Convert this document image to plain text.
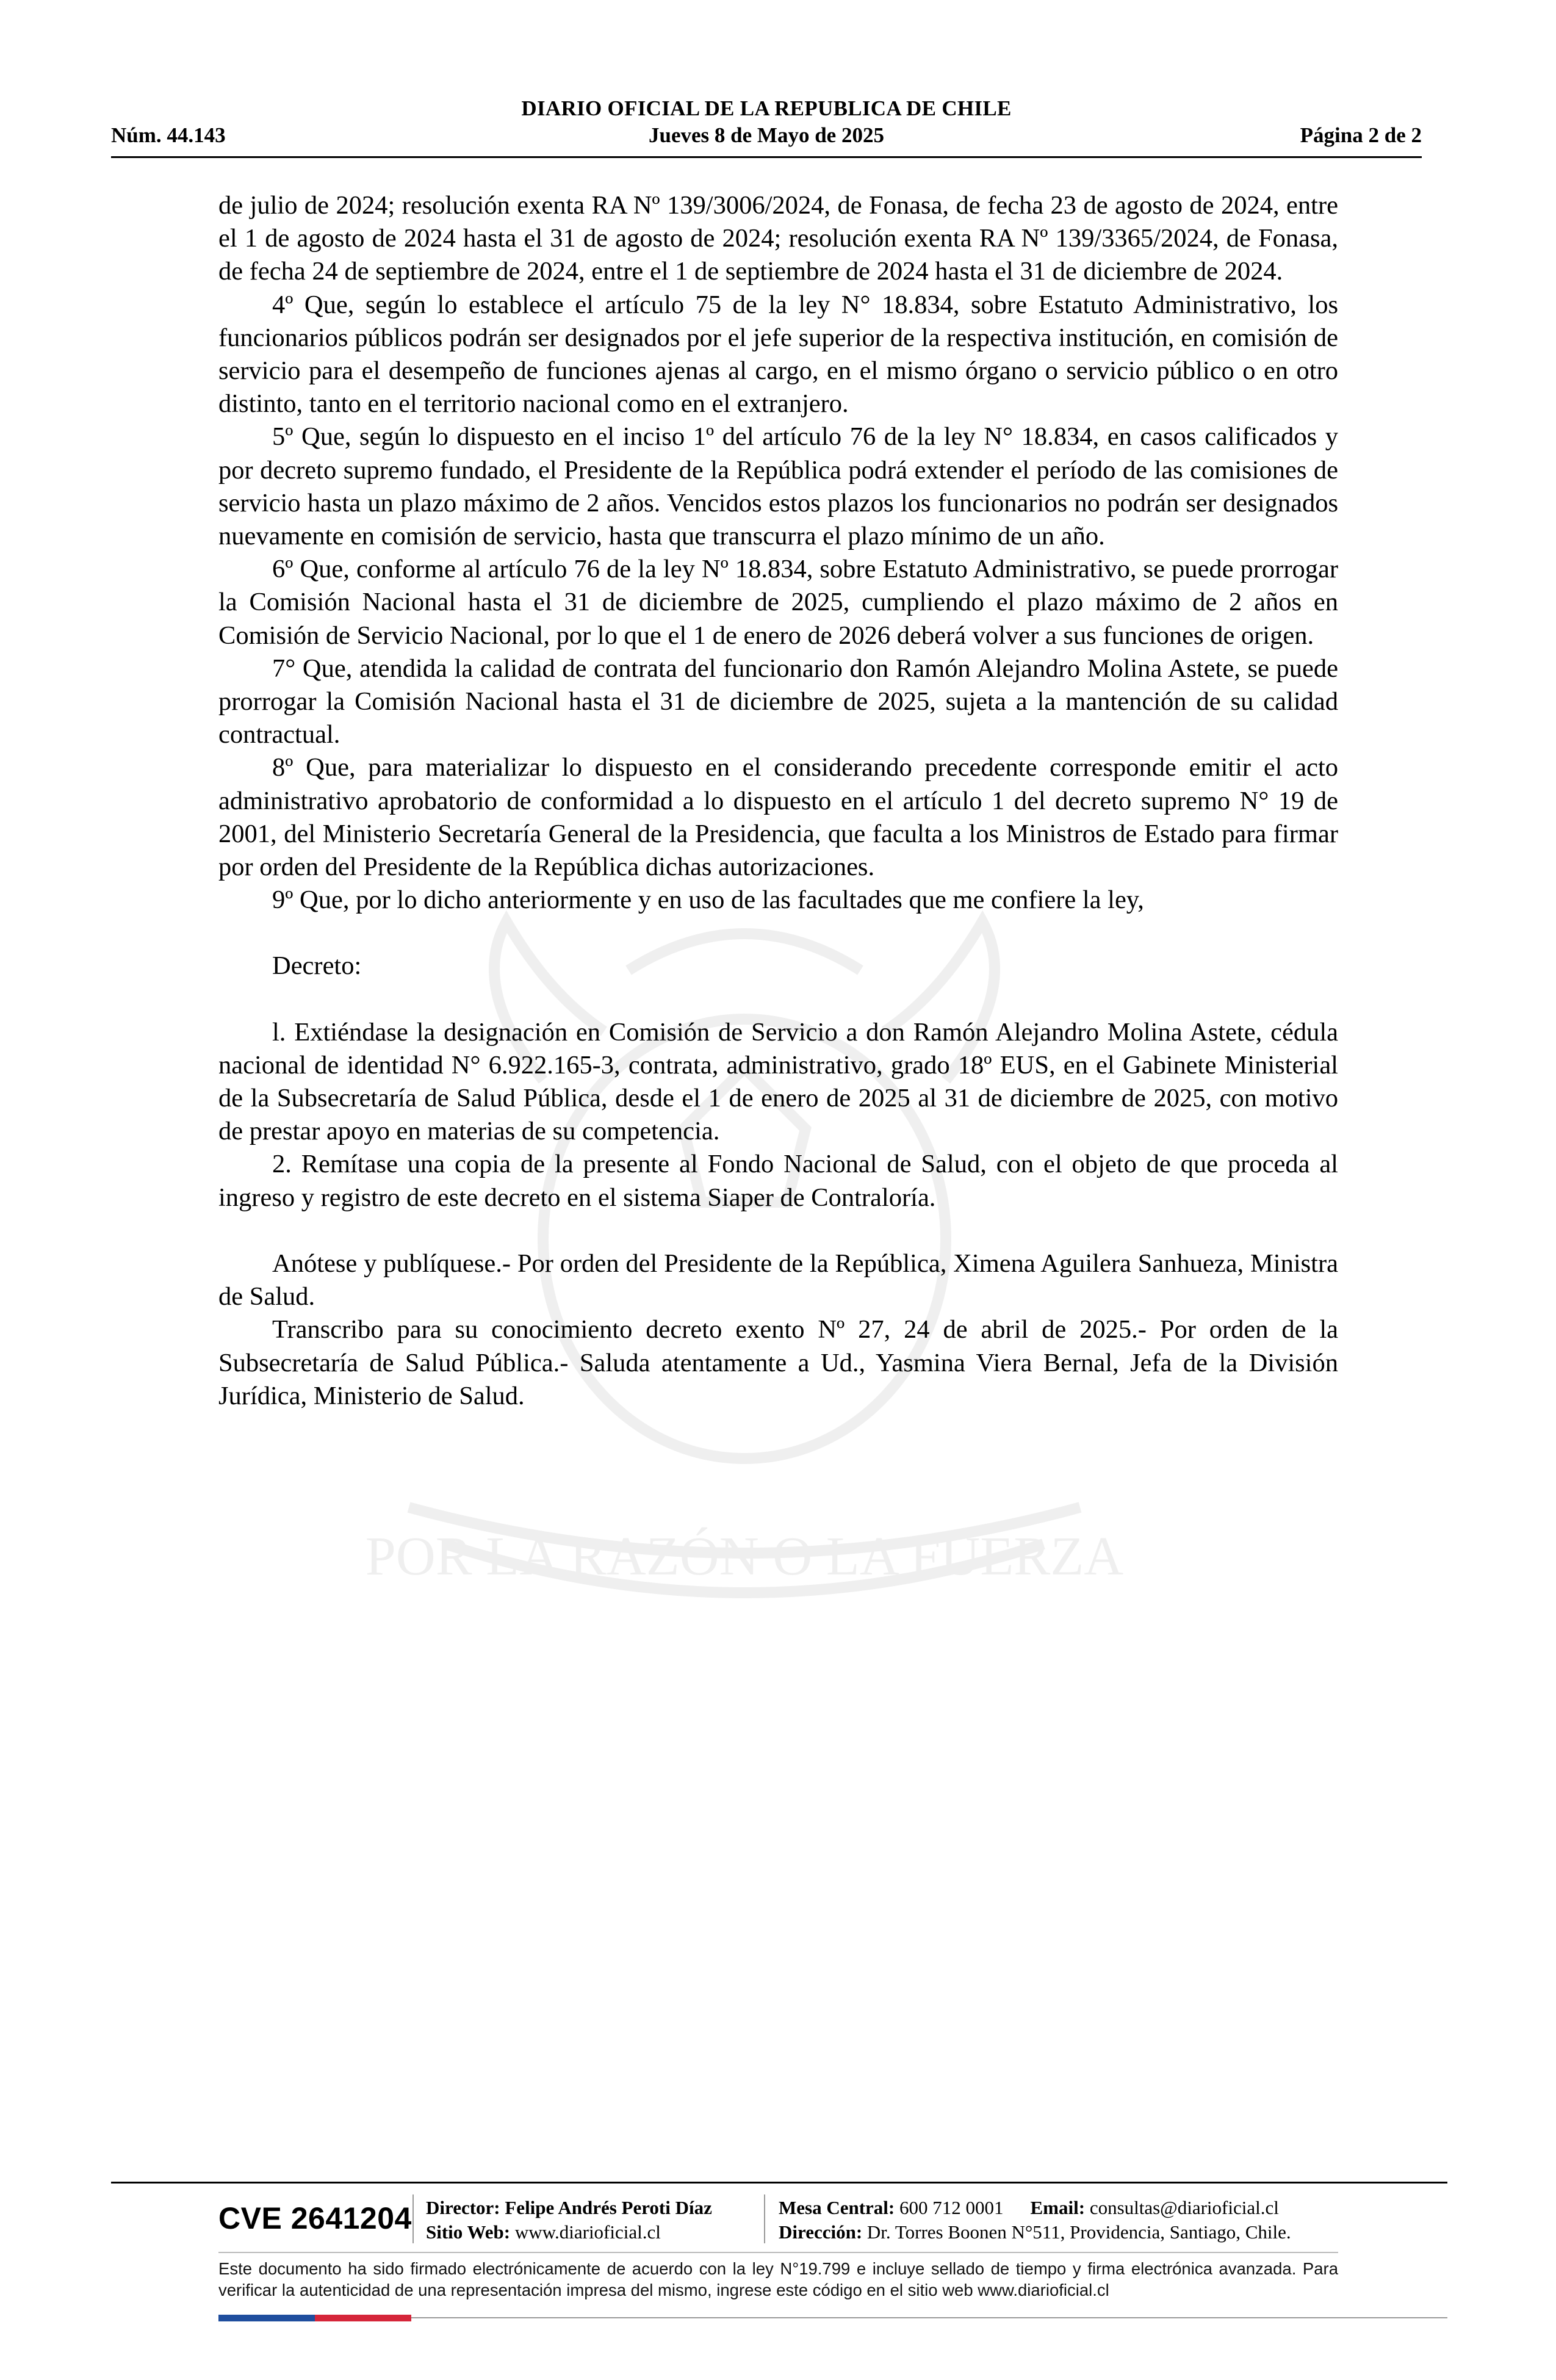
DIARIO OFICIAL DE LA REPUBLICA DE CHILE
Núm. 44.143	Jueves 8 de Mayo de 2025	Página 2 de 2
POR LA RAZÓN O LA FUERZA

de julio de 2024; resolución exenta RA Nº 139/3006/2024, de Fonasa, de fecha 23 de agosto de 2024, entre el 1 de agosto de 2024 hasta el 31 de agosto de 2024; resolución exenta RA Nº 139/3365/2024, de Fonasa, de fecha 24 de septiembre de 2024, entre el 1 de septiembre de 2024 hasta el 31 de diciembre de 2024.

4º Que, según lo establece el artículo 75 de la ley N° 18.834, sobre Estatuto Administrativo, los funcionarios públicos podrán ser designados por el jefe superior de la respectiva institución, en comisión de servicio para el desempeño de funciones ajenas al cargo, en el mismo órgano o servicio público o en otro distinto, tanto en el territorio nacional como en el extranjero.

5º Que, según lo dispuesto en el inciso 1º del artículo 76 de la ley N° 18.834, en casos calificados y por decreto supremo fundado, el Presidente de la República podrá extender el período de las comisiones de servicio hasta un plazo máximo de 2 años. Vencidos estos plazos los funcionarios no podrán ser designados nuevamente en comisión de servicio, hasta que transcurra el plazo mínimo de un año.

6º Que, conforme al artículo 76 de la ley Nº 18.834, sobre Estatuto Administrativo, se puede prorrogar la Comisión Nacional hasta el 31 de diciembre de 2025, cumpliendo el plazo máximo de 2 años en Comisión de Servicio Nacional, por lo que el 1 de enero de 2026 deberá volver a sus funciones de origen.

7° Que, atendida la calidad de contrata del funcionario don Ramón Alejandro Molina Astete, se puede prorrogar la Comisión Nacional hasta el 31 de diciembre de 2025, sujeta a la mantención de su calidad contractual.

8º Que, para materializar lo dispuesto en el considerando precedente corresponde emitir el acto administrativo aprobatorio de conformidad a lo dispuesto en el artículo 1 del decreto supremo N° 19 de 2001, del Ministerio Secretaría General de la Presidencia, que faculta a los Ministros de Estado para firmar por orden del Presidente de la República dichas autorizaciones.

9º Que, por lo dicho anteriormente y en uso de las facultades que me confiere la ley,

Decreto:

l. Extiéndase la designación en Comisión de Servicio a don Ramón Alejandro Molina Astete, cédula nacional de identidad N° 6.922.165-3, contrata, administrativo, grado 18º EUS, en el Gabinete Ministerial de la Subsecretaría de Salud Pública, desde el 1 de enero de 2025 al 31 de diciembre de 2025, con motivo de prestar apoyo en materias de su competencia.

2. Remítase una copia de la presente al Fondo Nacional de Salud, con el objeto de que proceda al ingreso y registro de este decreto en el sistema Siaper de Contraloría.

Anótese y publíquese.- Por orden del Presidente de la República, Ximena Aguilera Sanhueza, Ministra de Salud.

Transcribo para su conocimiento decreto exento Nº 27, 24 de abril de 2025.- Por orden de la Subsecretaría de Salud Pública.- Saluda atentamente a Ud., Yasmina Viera Bernal, Jefa de la División Jurídica, Ministerio de Salud.

CVE 2641204 Director: Felipe Andrés Peroti Díaz
Sitio Web: www.diarioficial.cl
Mesa Central: 600 712 0001 Email: consultas@diarioficial.cl
Dirección: Dr. Torres Boonen N°511, Providencia, Santiago, Chile.
Este documento ha sido firmado electrónicamente de acuerdo con la ley N°19.799 e incluye sellado de tiempo y firma electrónica avanzada. Para verificar la autenticidad de una representación impresa del mismo, ingrese este código en el sitio web www.diarioficial.cl
